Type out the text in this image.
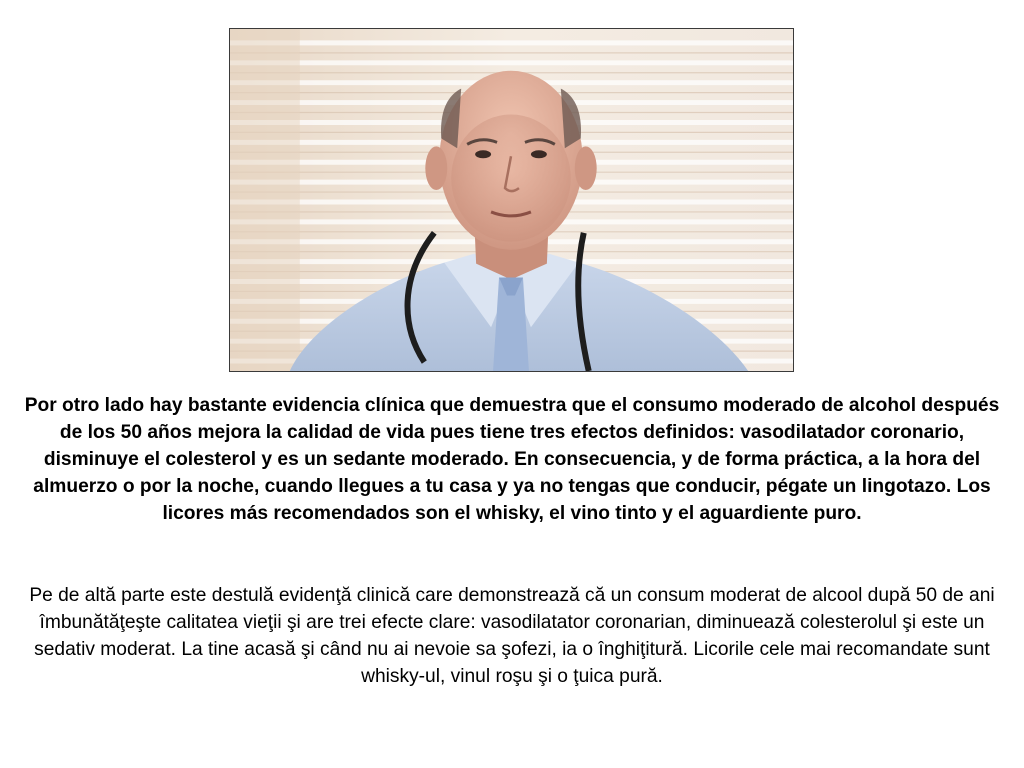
Por otro lado hay bastante evidencia clínica que demuestra que el consumo moderado de alcohol después de los 50 años mejora la calidad de vida pues tiene tres efectos definidos: vasodilatador coronario, disminuye el colesterol y es un sedante moderado. En consecuencia, y de forma práctica, a la hora del almuerzo o por la noche, cuando llegues a tu casa y ya no tengas que conducir, pégate un lingotazo. Los licores más recomendados son el whisky, el vino tinto y el aguardiente puro.

Pe de altă parte este destulă evidenţă clinică care demonstrează că un consum moderat de alcool după 50 de ani îmbunătăţeşte calitatea vieţii şi are trei efecte clare: vasodilatator coronarian, diminuează colesterolul şi este un sedativ moderat. La tine acasă şi când nu ai nevoie sa şofezi, ia o înghiţitură. Licorile cele mai recomandate sunt whisky-ul, vinul roşu şi o ţuica pură.
